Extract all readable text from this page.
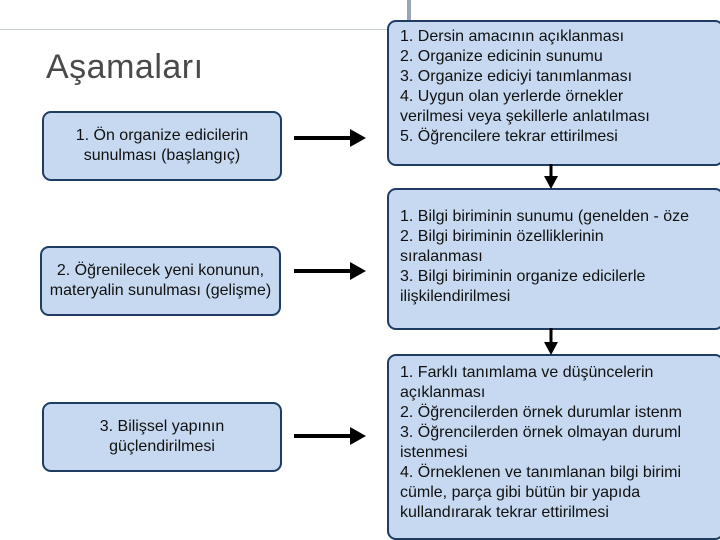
Aşamaları
1. Ön organize edicilerin
sunulması (başlangıç)
2. Öğrenilecek yeni konunun,
materyalin sunulması (gelişme)
3. Bilişsel yapının
güçlendirilmesi
1. Dersin amacının açıklanması
2. Organize edicinin sunumu
3. Organize ediciyi tanımlanması
4. Uygun olan yerlerde örnekler
verilmesi veya şekillerle anlatılması
5. Öğrencilere tekrar ettirilmesi
1. Bilgi biriminin sunumu (genelden - öze
2. Bilgi biriminin özelliklerinin
sıralanması
3. Bilgi biriminin organize edicilerle
ilişkilendirilmesi
1. Farklı tanımlama ve düşüncelerin
açıklanması
2. Öğrencilerden örnek durumlar istenm
3. Öğrencilerden örnek olmayan duruml
istenmesi
4. Örneklenen ve tanımlanan bilgi birimi
cümle, parça gibi bütün bir yapıda
kullandırarak tekrar ettirilmesi
